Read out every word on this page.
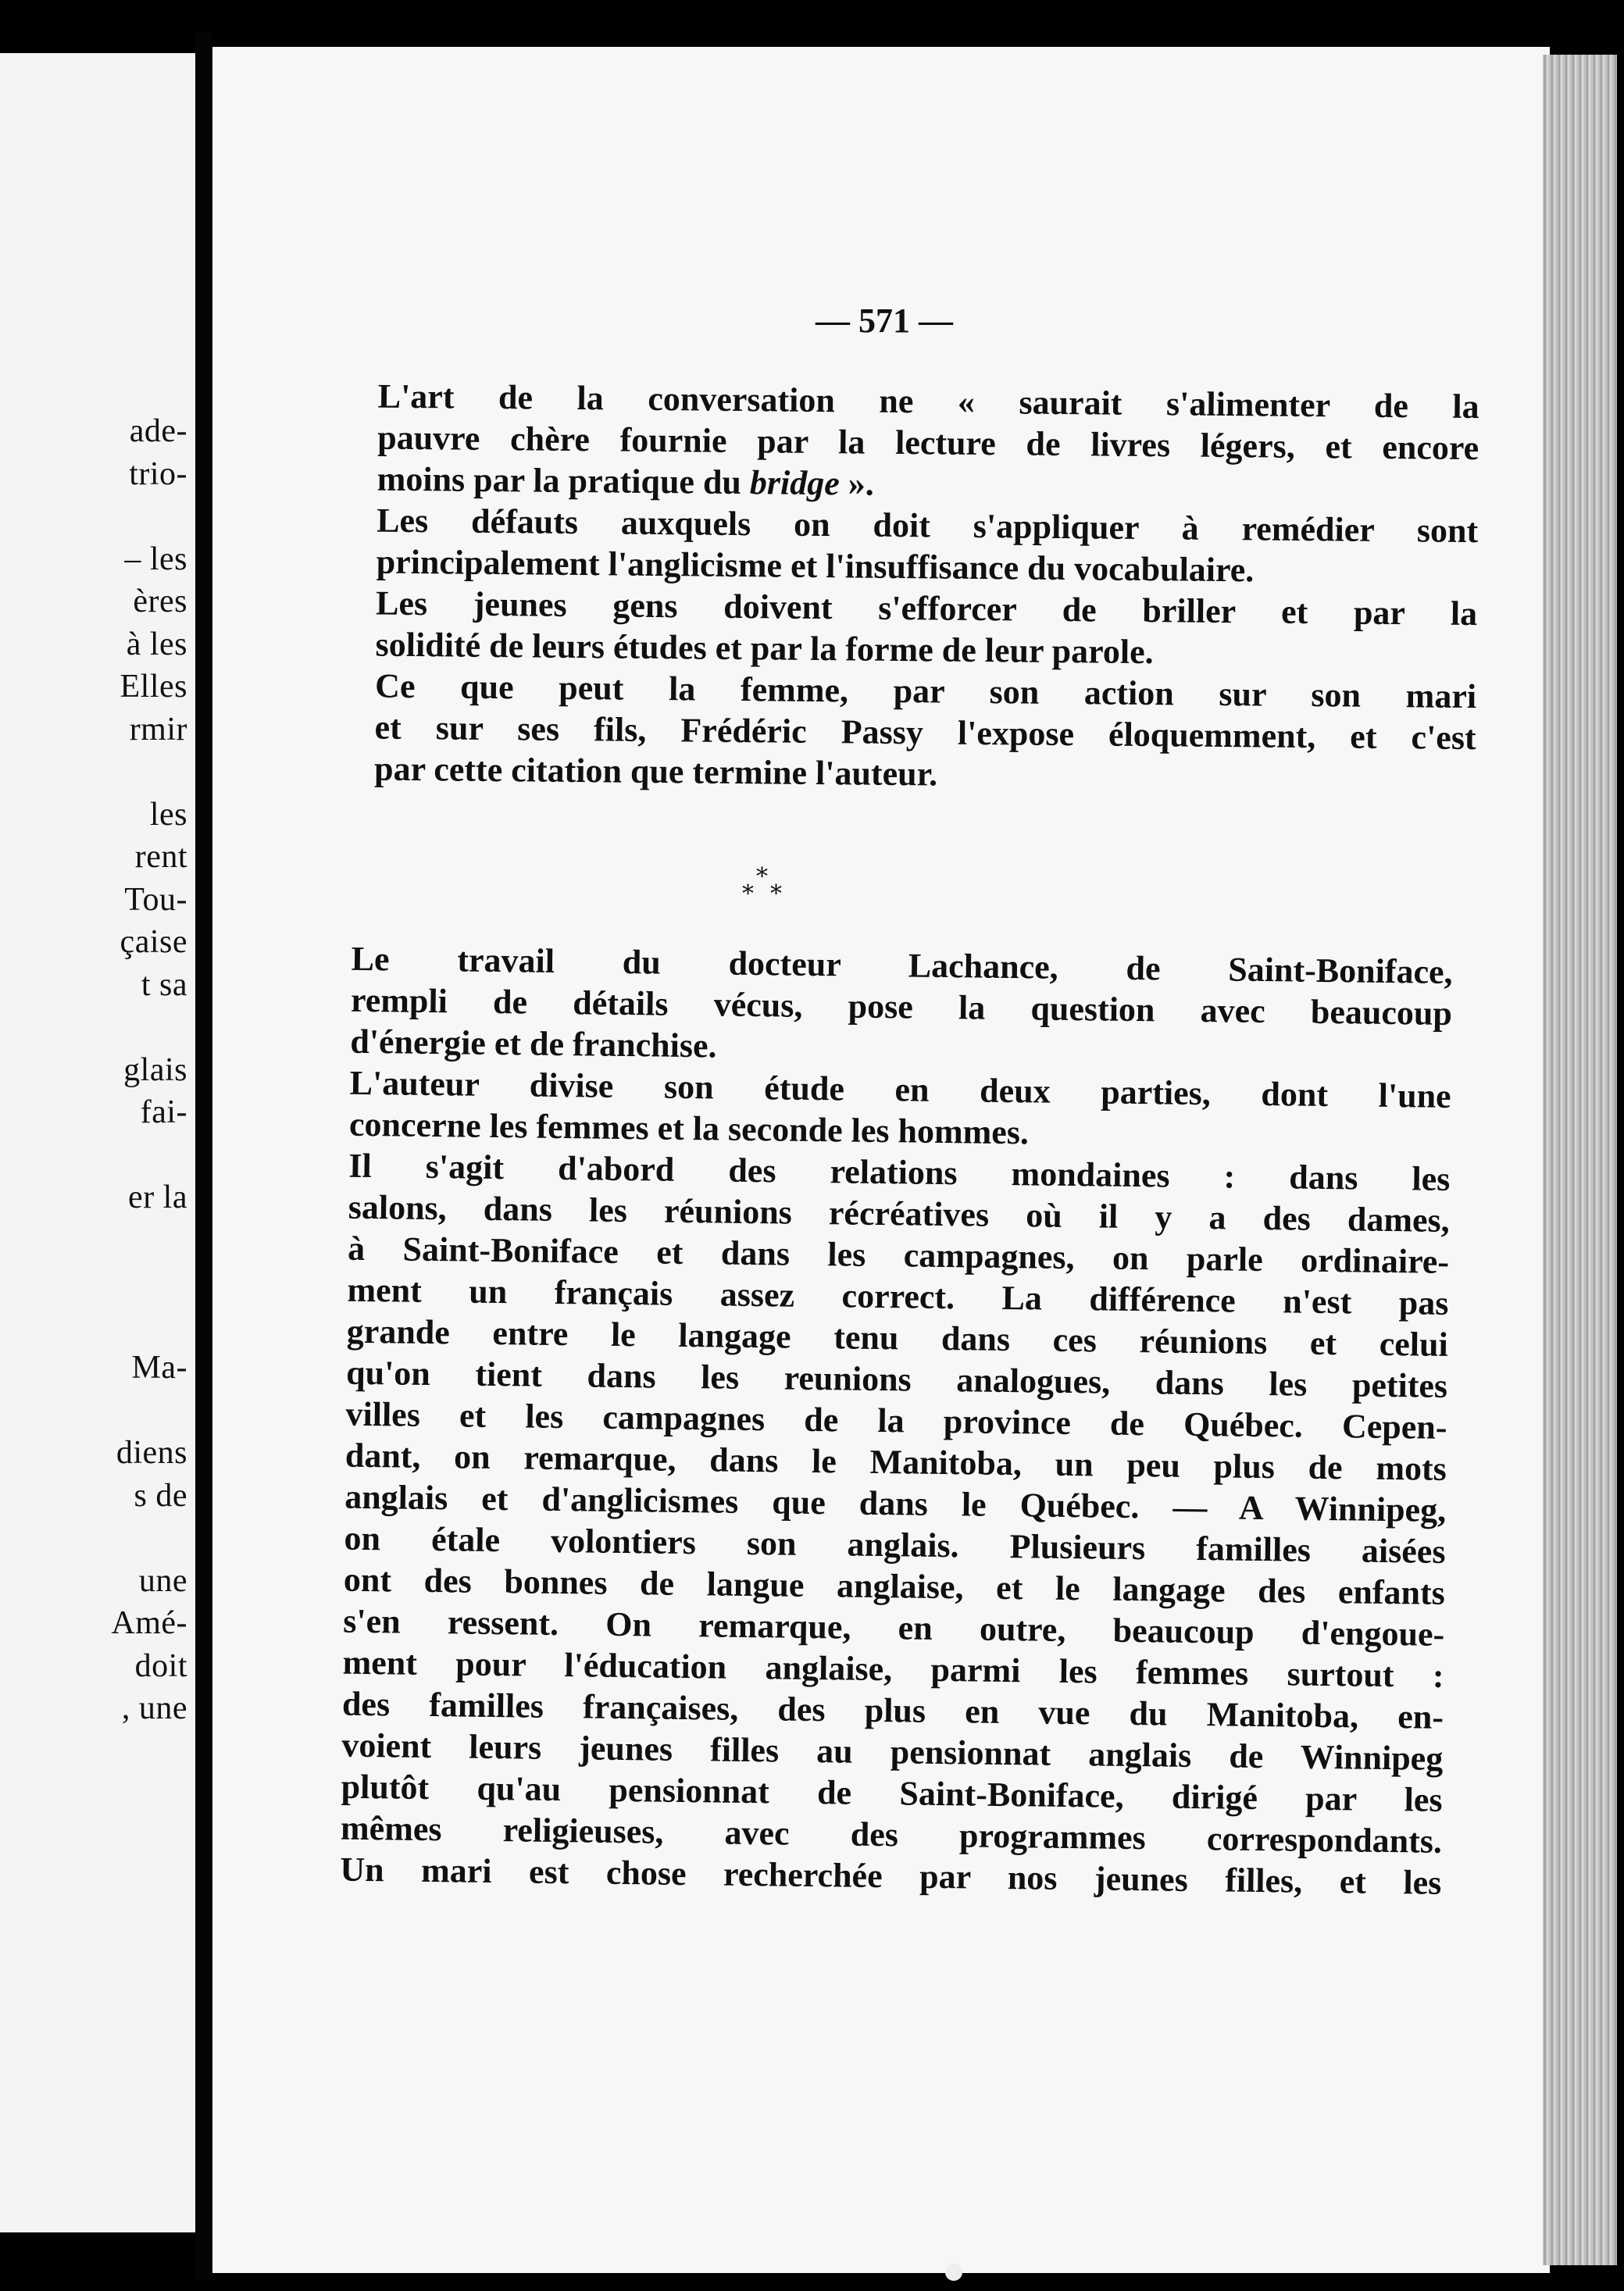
ade-
trio-
– les
ères
à les
Elles
rmir
les
rent
Tou-
çaise
t sa
glais
fai-
er la
Ma-
diens
s de
une
Amé-
doit
, une
— 571 —
L'art de la conversation ne « saurait s'alimenter de la
pauvre chère fournie par la lecture de livres légers, et encore
moins par la pratique du bridge ».
Les défauts auxquels on doit s'appliquer à remédier sont
principalement l'anglicisme et l'insuffisance du vocabulaire.
Les jeunes gens doivent s'efforcer de briller et par la
solidité de leurs études et par la forme de leur parole.
Ce que peut la femme, par son action sur son mari
et sur ses fils, Frédéric Passy l'expose éloquemment, et c'est
par cette citation que termine l'auteur.
*
* *
Le travail du docteur Lachance, de Saint-Boniface,
rempli de détails vécus, pose la question avec beaucoup
d'énergie et de franchise.
L'auteur divise son étude en deux parties, dont l'une
concerne les femmes et la seconde les hommes.
Il s'agit d'abord des relations mondaines : dans les
salons, dans les réunions récréatives où il y a des dames,
à Saint-Boniface et dans les campagnes, on parle ordinaire-
ment un français assez correct. La différence n'est pas
grande entre le langage tenu dans ces réunions et celui
qu'on tient dans les reunions analogues, dans les petites
villes et les campagnes de la province de Québec. Cepen-
dant, on remarque, dans le Manitoba, un peu plus de mots
anglais et d'anglicismes que dans le Québec. — A Winnipeg,
on étale volontiers son anglais. Plusieurs familles aisées
ont des bonnes de langue anglaise, et le langage des enfants
s'en ressent. On remarque, en outre, beaucoup d'engoue-
ment pour l'éducation anglaise, parmi les femmes surtout :
des familles françaises, des plus en vue du Manitoba, en-
voient leurs jeunes filles au pensionnat anglais de Winnipeg
plutôt qu'au pensionnat de Saint-Boniface, dirigé par les
mêmes religieuses, avec des programmes correspondants.
Un mari est chose recherchée par nos jeunes filles, et les
